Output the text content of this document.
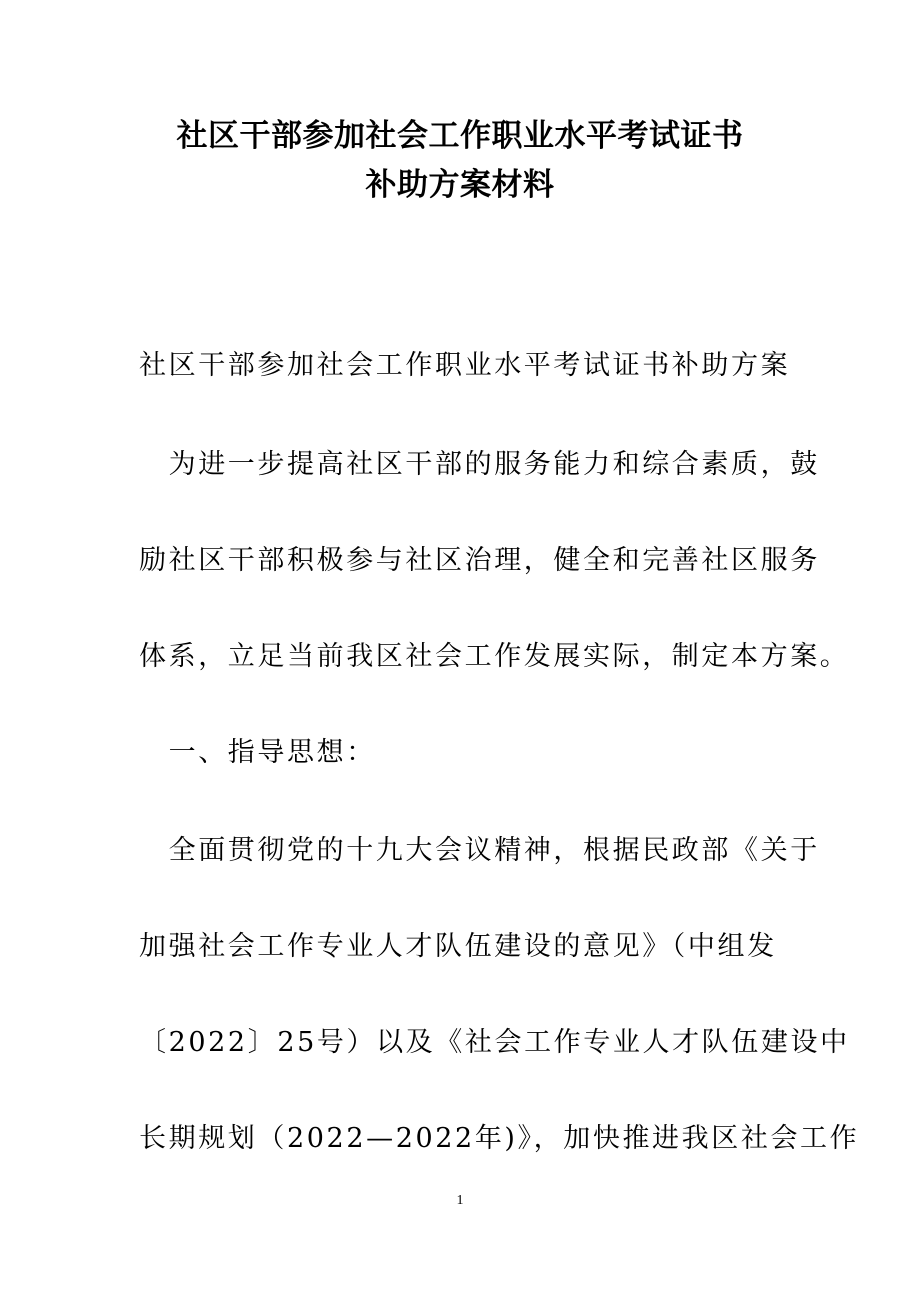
社区干部参加社会工作职业水平考试证书
补助方案材料

社区干部参加社会工作职业水平考试证书补助方案

　为进一步提高社区干部的服务能力和综合素质，鼓

励社区干部积极参与社区治理，健全和完善社区服务

体系，立足当前我区社会工作发展实际，制定本方案。

　一、指导思想：

　全面贯彻党的十九大会议精神，根据民政部《关于

加强社会工作专业人才队伍建设的意见》（中组发

〔2022〕25号）以及《社会工作专业人才队伍建设中

长期规划（2022—2022年)》，加快推进我区社会工作

1
